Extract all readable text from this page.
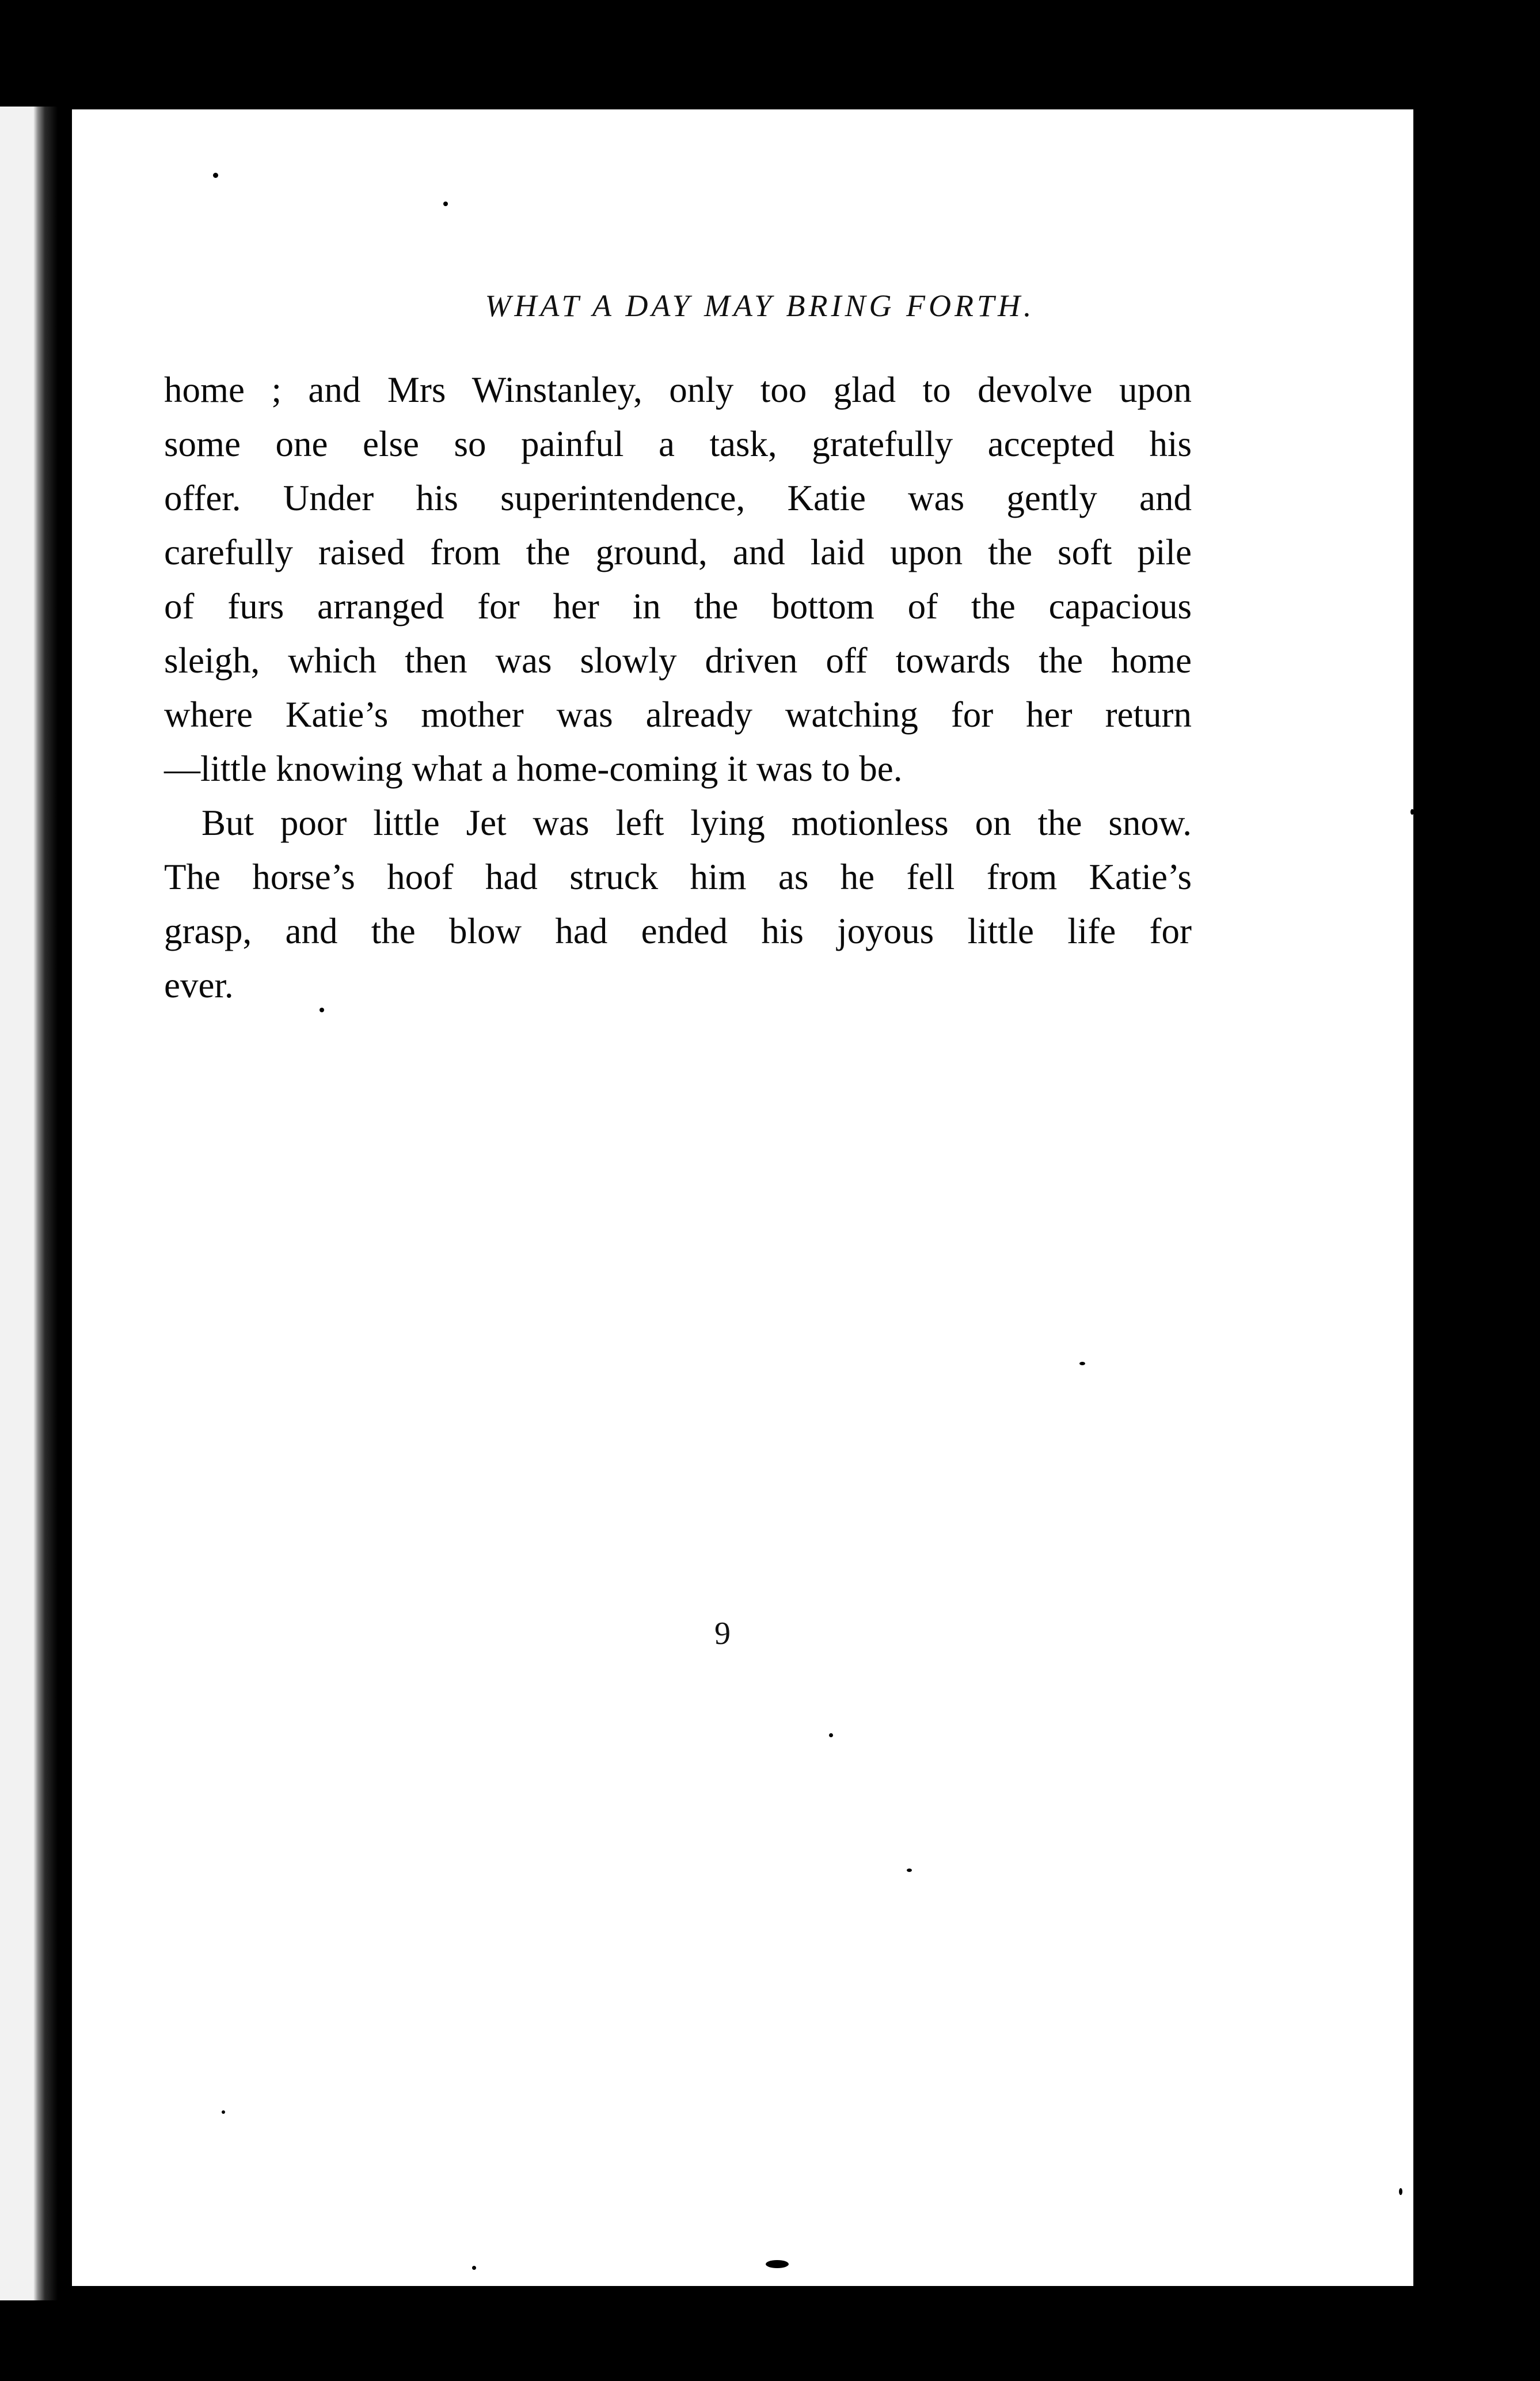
WHAT A DAY MAY BRING FORTH.

home ; and Mrs Winstanley, only too glad to devolve upon

some one else so painful a task, gratefully accepted his

offer. Under his superintendence, Katie was gently and

carefully raised from the ground, and laid upon the soft pile

of furs arranged for her in the bottom of the capacious

sleigh, which then was slowly driven off towards the home

where Katie’s mother was already watching for her return

—little knowing what a home-coming it was to be.

But poor little Jet was left lying motionless on the snow.

The horse’s hoof had struck him as he fell from Katie’s

grasp, and the blow had ended his joyous little life for

ever.

9
